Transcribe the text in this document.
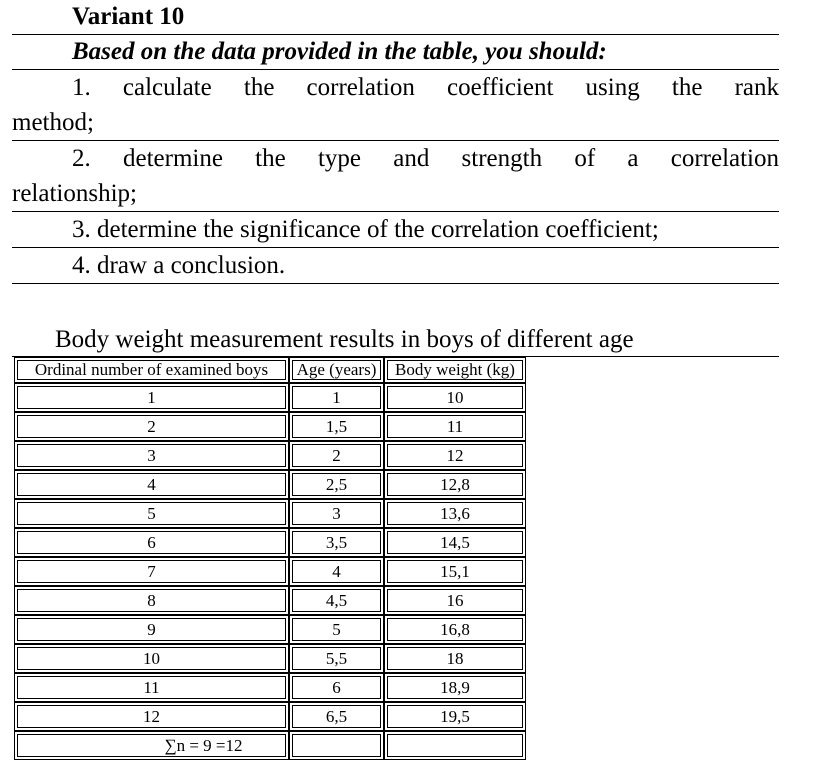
Variant 10
Based on the data provided in the table, you should:
1. calculate the correlation coefficient using the rank
method;
2. determine the type and strength of a correlation
relationship;
3. determine the significance of the correlation coefficient;
4. draw a conclusion.
Body weight measurement results in boys of different age
Ordinal number of examined boys	Age (years)	Body weight (kg)
1	1	10
2	1,5	11
3	2	12
4	2,5	12,8
5	3	13,6
6	3,5	14,5
7	4	15,1
8	4,5	16
9	5	16,8
10	5,5	18
11	6	18,9
12	6,5	19,5
∑n = 9 =12		
